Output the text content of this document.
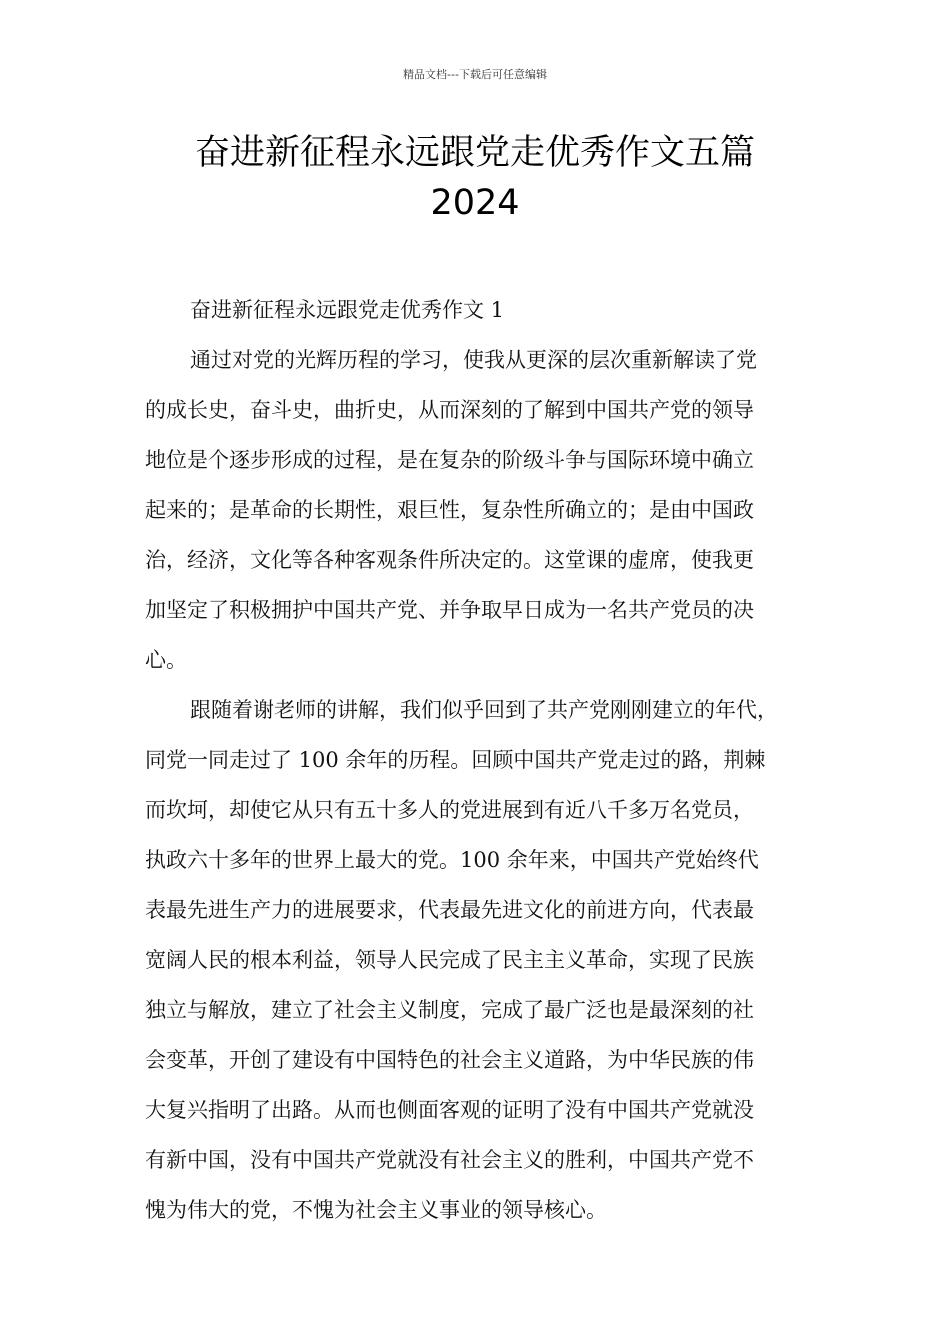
精品文档---下载后可任意编辑
奋进新征程永远跟党走优秀作文五篇
2024

奋进新征程永远跟党走优秀作文 1

通过对党的光辉历程的学习，使我从更深的层次重新解读了党
的成长史，奋斗史，曲折史，从而深刻的了解到中国共产党的领导
地位是个逐步形成的过程，是在复杂的阶级斗争与国际环境中确立
起来的；是革命的长期性，艰巨性，复杂性所确立的；是由中国政
治，经济，文化等各种客观条件所决定的。这堂课的虚席，使我更
加坚定了积极拥护中国共产党、并争取早日成为一名共产党员的决
心。

跟随着谢老师的讲解，我们似乎回到了共产党刚刚建立的年代，
同党一同走过了 100 余年的历程。回顾中国共产党走过的路，荆棘
而坎坷，却使它从只有五十多人的党进展到有近八千多万名党员，
执政六十多年的世界上最大的党。100 余年来，中国共产党始终代
表最先进生产力的进展要求，代表最先进文化的前进方向，代表最
宽阔人民的根本利益，领导人民完成了民主主义革命，实现了民族
独立与解放，建立了社会主义制度，完成了最广泛也是最深刻的社
会变革，开创了建设有中国特色的社会主义道路，为中华民族的伟
大复兴指明了出路。从而也侧面客观的证明了没有中国共产党就没
有新中国，没有中国共产党就没有社会主义的胜利，中国共产党不
愧为伟大的党，不愧为社会主义事业的领导核心。
